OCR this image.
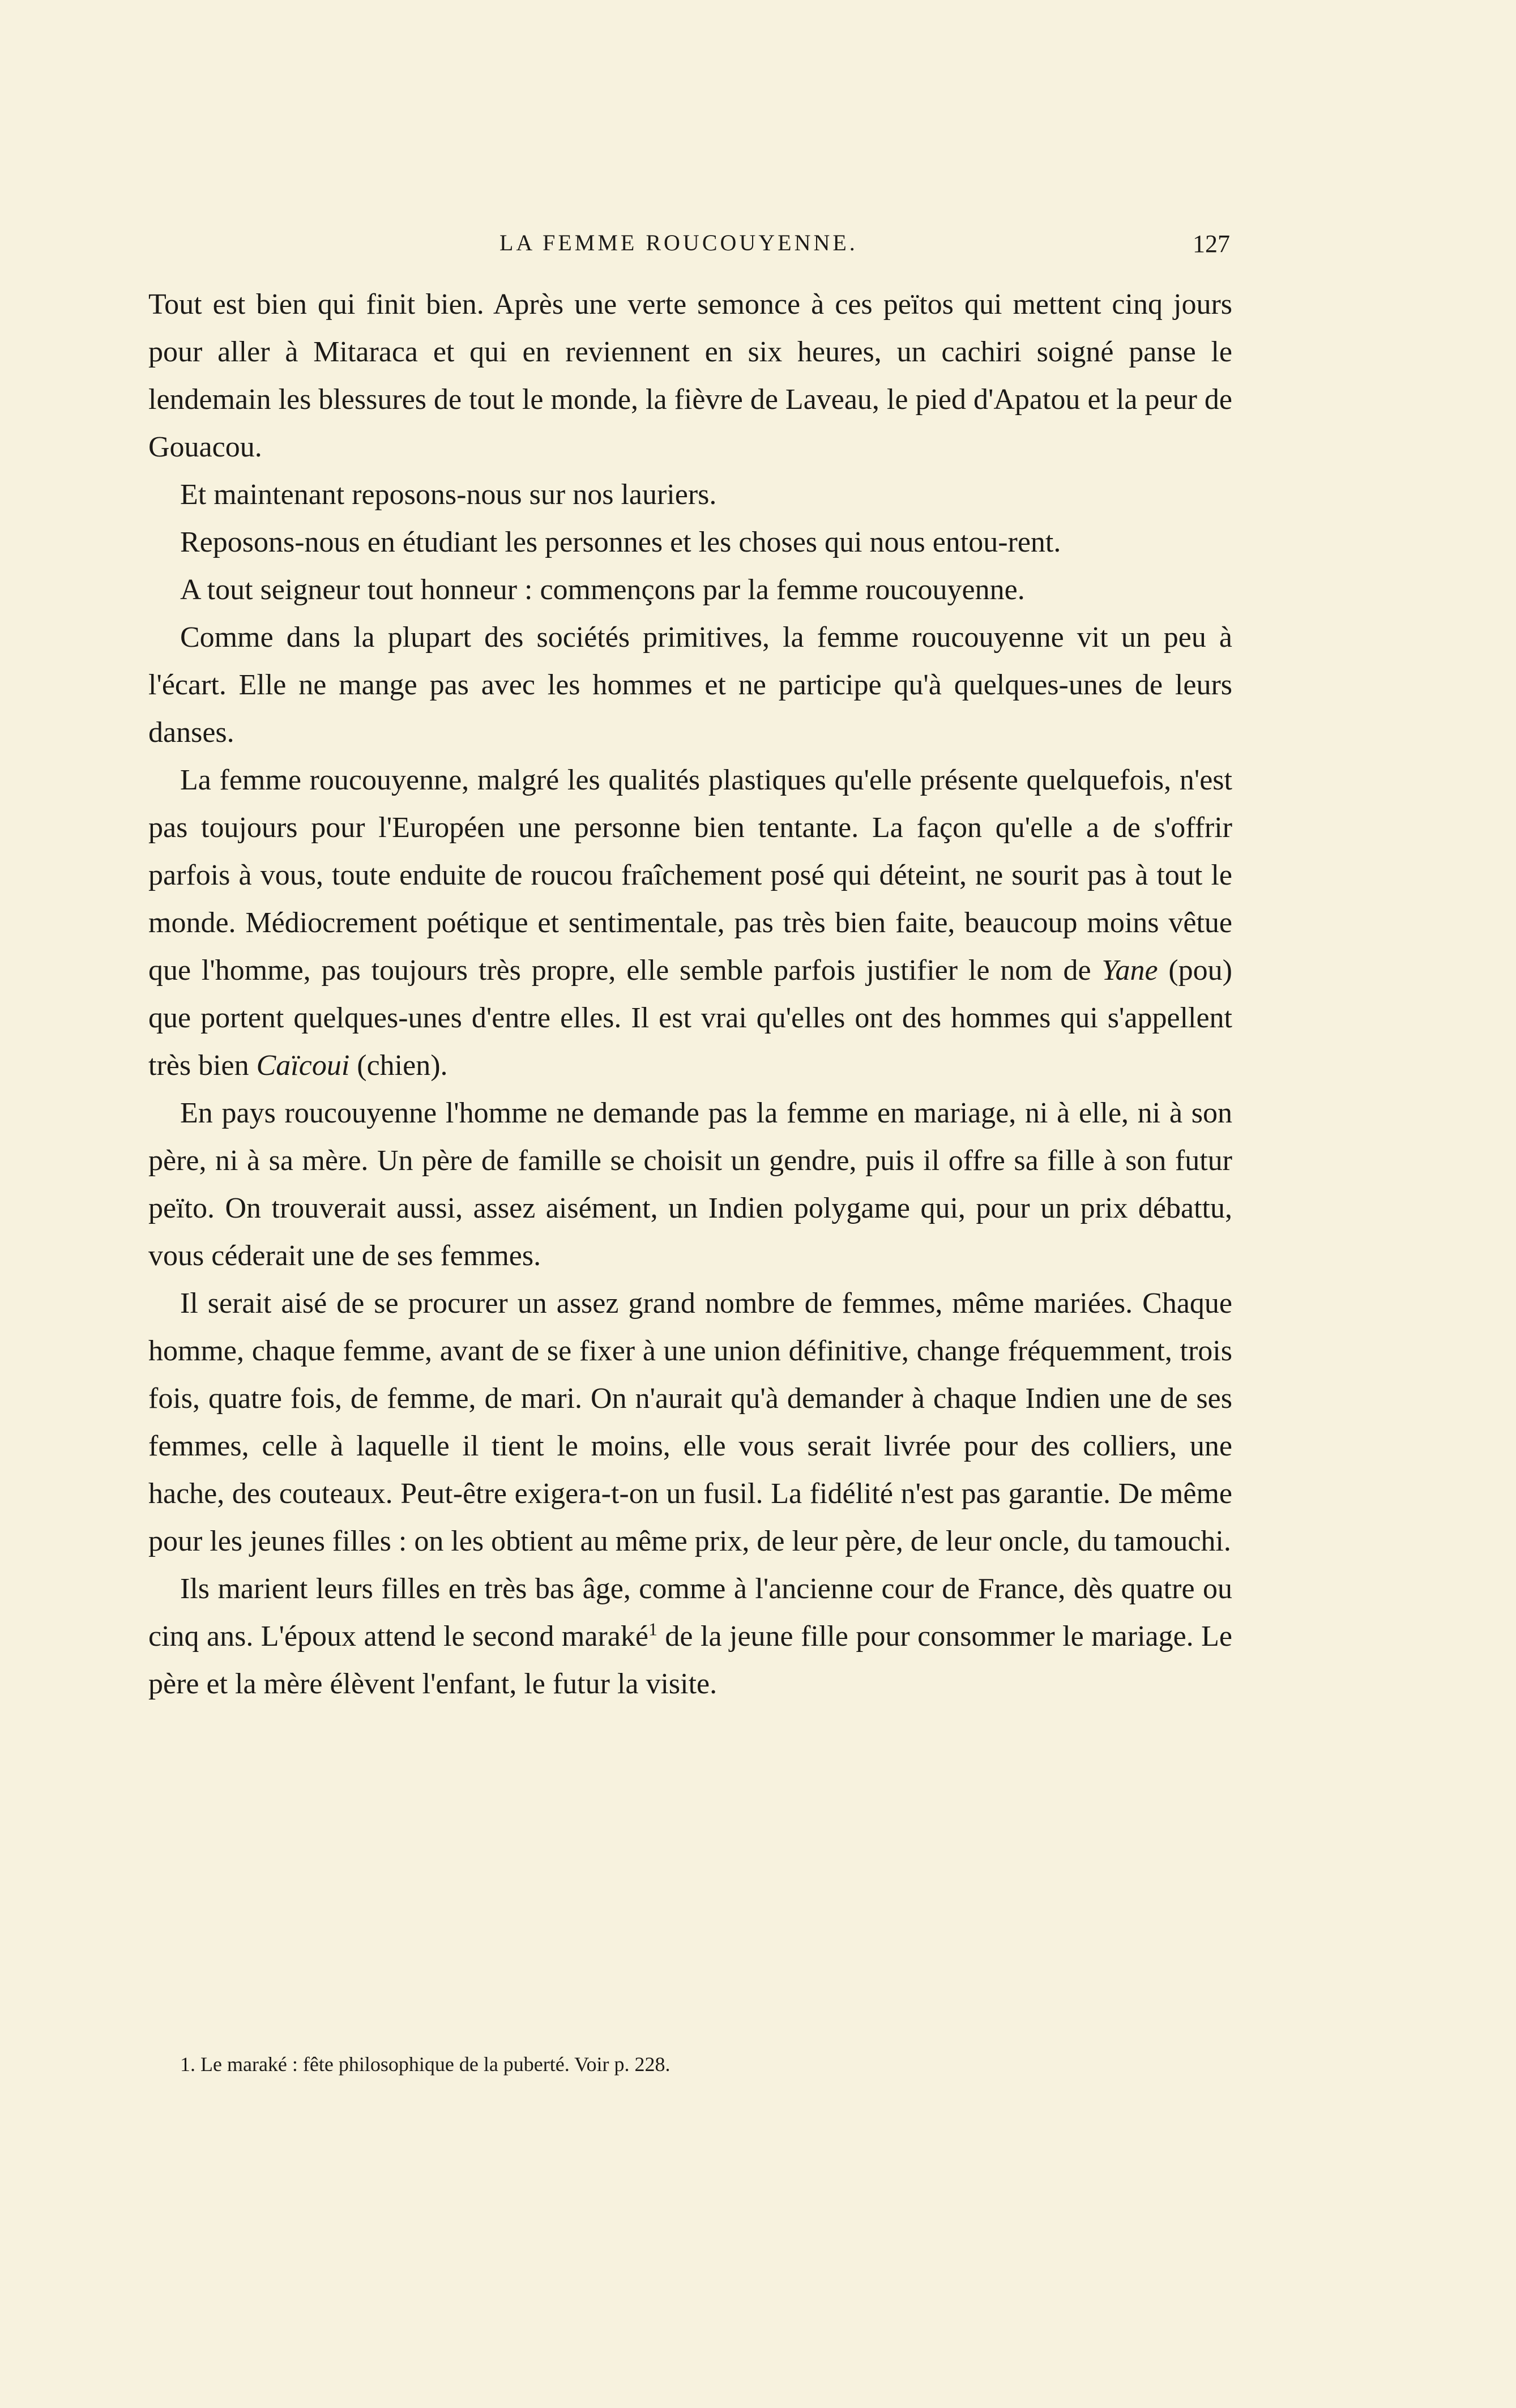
LA FEMME ROUCOUYENNE.	127

Tout est bien qui finit bien. Après une verte semonce à ces peïtos qui mettent cinq jours pour aller à Mitaraca et qui en reviennent en six heures, un cachiri soigné panse le lendemain les blessures de tout le monde, la fièvre de Laveau, le pied d'Apatou et la peur de Gouacou.

Et maintenant reposons-nous sur nos lauriers.

Reposons-nous en étudiant les personnes et les choses qui nous entou-rent.

A tout seigneur tout honneur : commençons par la femme roucouyenne.

Comme dans la plupart des sociétés primitives, la femme roucouyenne vit un peu à l'écart. Elle ne mange pas avec les hommes et ne participe qu'à quelques-unes de leurs danses.

La femme roucouyenne, malgré les qualités plastiques qu'elle présente quelquefois, n'est pas toujours pour l'Européen une personne bien tentante. La façon qu'elle a de s'offrir parfois à vous, toute enduite de roucou fraîchement posé qui déteint, ne sourit pas à tout le monde. Médiocrement poétique et sentimentale, pas très bien faite, beaucoup moins vêtue que l'homme, pas toujours très propre, elle semble parfois justifier le nom de Yane (pou) que portent quelques-unes d'entre elles. Il est vrai qu'elles ont des hommes qui s'appellent très bien Caïcoui (chien).

En pays roucouyenne l'homme ne demande pas la femme en mariage, ni à elle, ni à son père, ni à sa mère. Un père de famille se choisit un gendre, puis il offre sa fille à son futur peïto. On trouverait aussi, assez aisément, un Indien polygame qui, pour un prix débattu, vous céderait une de ses femmes.

Il serait aisé de se procurer un assez grand nombre de femmes, même mariées. Chaque homme, chaque femme, avant de se fixer à une union définitive, change fréquemment, trois fois, quatre fois, de femme, de mari. On n'aurait qu'à demander à chaque Indien une de ses femmes, celle à laquelle il tient le moins, elle vous serait livrée pour des colliers, une hache, des couteaux. Peut-être exigera-t-on un fusil. La fidélité n'est pas garantie. De même pour les jeunes filles : on les obtient au même prix, de leur père, de leur oncle, du tamouchi.

Ils marient leurs filles en très bas âge, comme à l'ancienne cour de France, dès quatre ou cinq ans. L'époux attend le second maraké$^1$ de la jeune fille pour consommer le mariage. Le père et la mère élèvent l'enfant, le futur la visite.

1. Le maraké : fête philosophique de la puberté. Voir p. 228.
